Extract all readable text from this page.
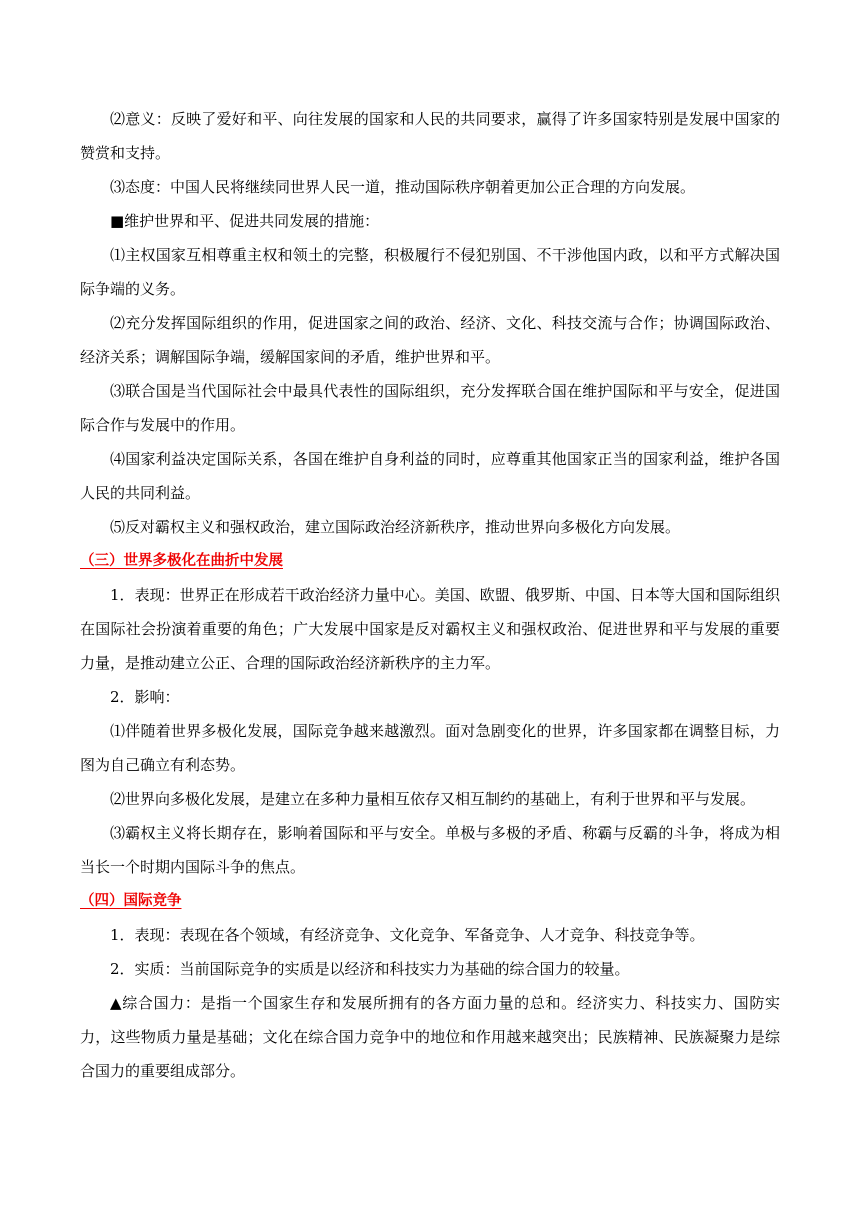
⑵意义：反映了爱好和平、向往发展的国家和人民的共同要求，赢得了许多国家特别是发展中国家的赞赏和支持。

⑶态度：中国人民将继续同世界人民一道，推动国际秩序朝着更加公正合理的方向发展。

■维护世界和平、促进共同发展的措施：

⑴主权国家互相尊重主权和领土的完整，积极履行不侵犯别国、不干涉他国内政，以和平方式解决国际争端的义务。

⑵充分发挥国际组织的作用，促进国家之间的政治、经济、文化、科技交流与合作；协调国际政治、经济关系；调解国际争端，缓解国家间的矛盾，维护世界和平。

⑶联合国是当代国际社会中最具代表性的国际组织，充分发挥联合国在维护国际和平与安全，促进国际合作与发展中的作用。

⑷国家利益决定国际关系，各国在维护自身利益的同时，应尊重其他国家正当的国家利益，维护各国人民的共同利益。

⑸反对霸权主义和强权政治，建立国际政治经济新秩序，推动世界向多极化方向发展。

（三）世界多极化在曲折中发展

1．表现：世界正在形成若干政治经济力量中心。美国、欧盟、俄罗斯、中国、日本等大国和国际组织在国际社会扮演着重要的角色；广大发展中国家是反对霸权主义和强权政治、促进世界和平与发展的重要力量，是推动建立公正、合理的国际政治经济新秩序的主力军。

2．影响：

⑴伴随着世界多极化发展，国际竞争越来越激烈。面对急剧变化的世界，许多国家都在调整目标，力图为自己确立有利态势。

⑵世界向多极化发展，是建立在多种力量相互依存又相互制约的基础上，有利于世界和平与发展。

⑶霸权主义将长期存在，影响着国际和平与安全。单极与多极的矛盾、称霸与反霸的斗争，将成为相当长一个时期内国际斗争的焦点。

（四）国际竞争

1．表现：表现在各个领域，有经济竞争、文化竞争、军备竞争、人才竞争、科技竞争等。

2．实质：当前国际竞争的实质是以经济和科技实力为基础的综合国力的较量。

▲综合国力：是指一个国家生存和发展所拥有的各方面力量的总和。经济实力、科技实力、国防实力，这些物质力量是基础；文化在综合国力竞争中的地位和作用越来越突出；民族精神、民族凝聚力是综合国力的重要组成部分。
